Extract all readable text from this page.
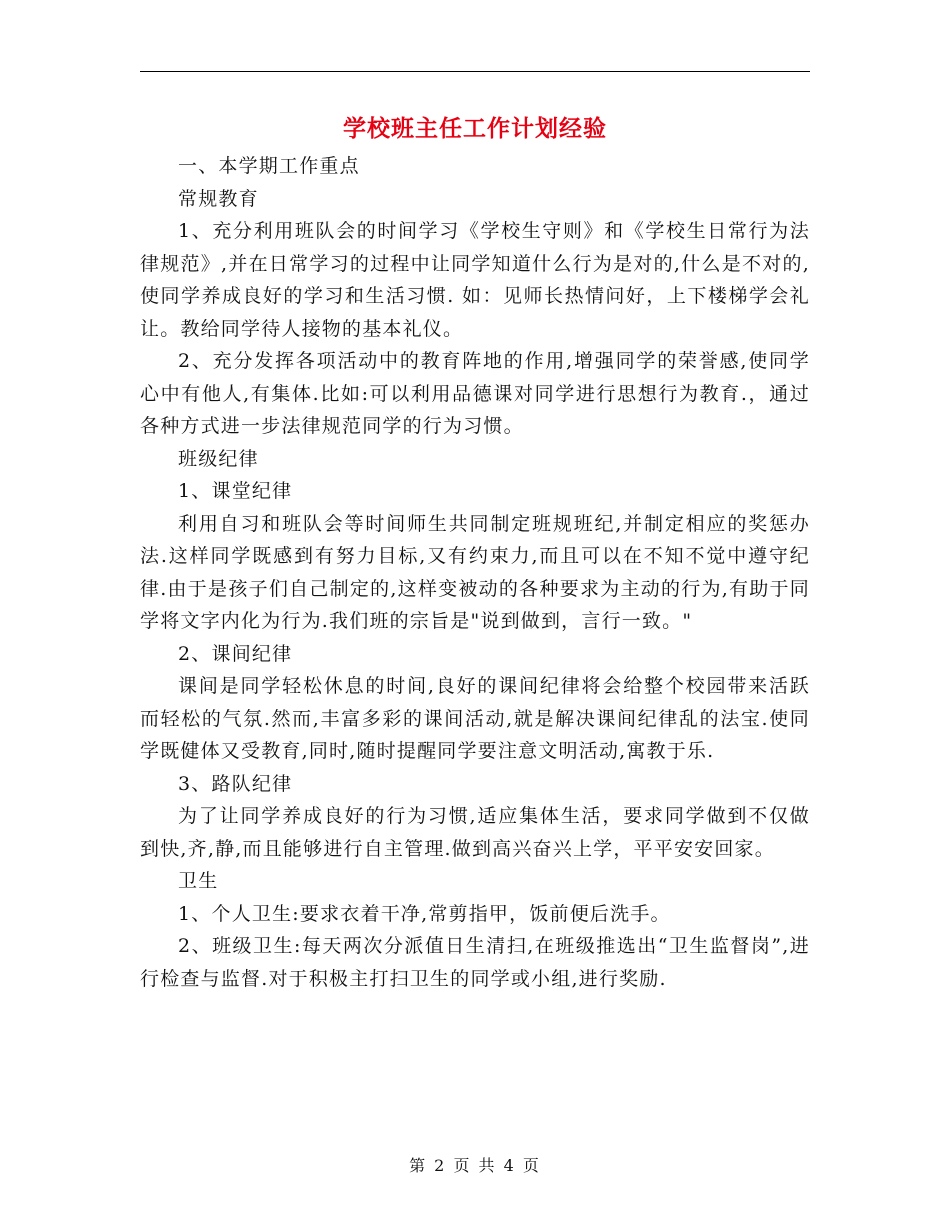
学校班主任工作计划经验

一、本学期工作重点

常规教育

1、充分利用班队会的时间学习《学校生守则》和《学校生日常行为法律规范》,并在日常学习的过程中让同学知道什么行为是对的,什么是不对的,使同学养成良好的学习和生活习惯. 如：见师长热情问好，上下楼梯学会礼让。教给同学待人接物的基本礼仪。

2、充分发挥各项活动中的教育阵地的作用,增强同学的荣誉感,使同学心中有他人,有集体.比如:可以利用品德课对同学进行思想行为教育.，通过各种方式进一步法律规范同学的行为习惯。

班级纪律

1、课堂纪律

利用自习和班队会等时间师生共同制定班规班纪,并制定相应的奖惩办法.这样同学既感到有努力目标,又有约束力,而且可以在不知不觉中遵守纪律.由于是孩子们自己制定的,这样变被动的各种要求为主动的行为,有助于同学将文字内化为行为.我们班的宗旨是"说到做到，言行一致。"

2、课间纪律

课间是同学轻松休息的时间,良好的课间纪律将会给整个校园带来活跃而轻松的气氛.然而,丰富多彩的课间活动,就是解决课间纪律乱的法宝.使同学既健体又受教育,同时,随时提醒同学要注意文明活动,寓教于乐.

3、路队纪律

为了让同学养成良好的行为习惯,适应集体生活，要求同学做到不仅做到快,齐,静,而且能够进行自主管理.做到高兴奋兴上学，平平安安回家。

卫生

1、个人卫生:要求衣着干净,常剪指甲，饭前便后洗手。

2、班级卫生:每天两次分派值日生清扫,在班级推选出“卫生监督岗”,进行检查与监督.对于积极主打扫卫生的同学或小组,进行奖励.

第 2 页 共 4 页
